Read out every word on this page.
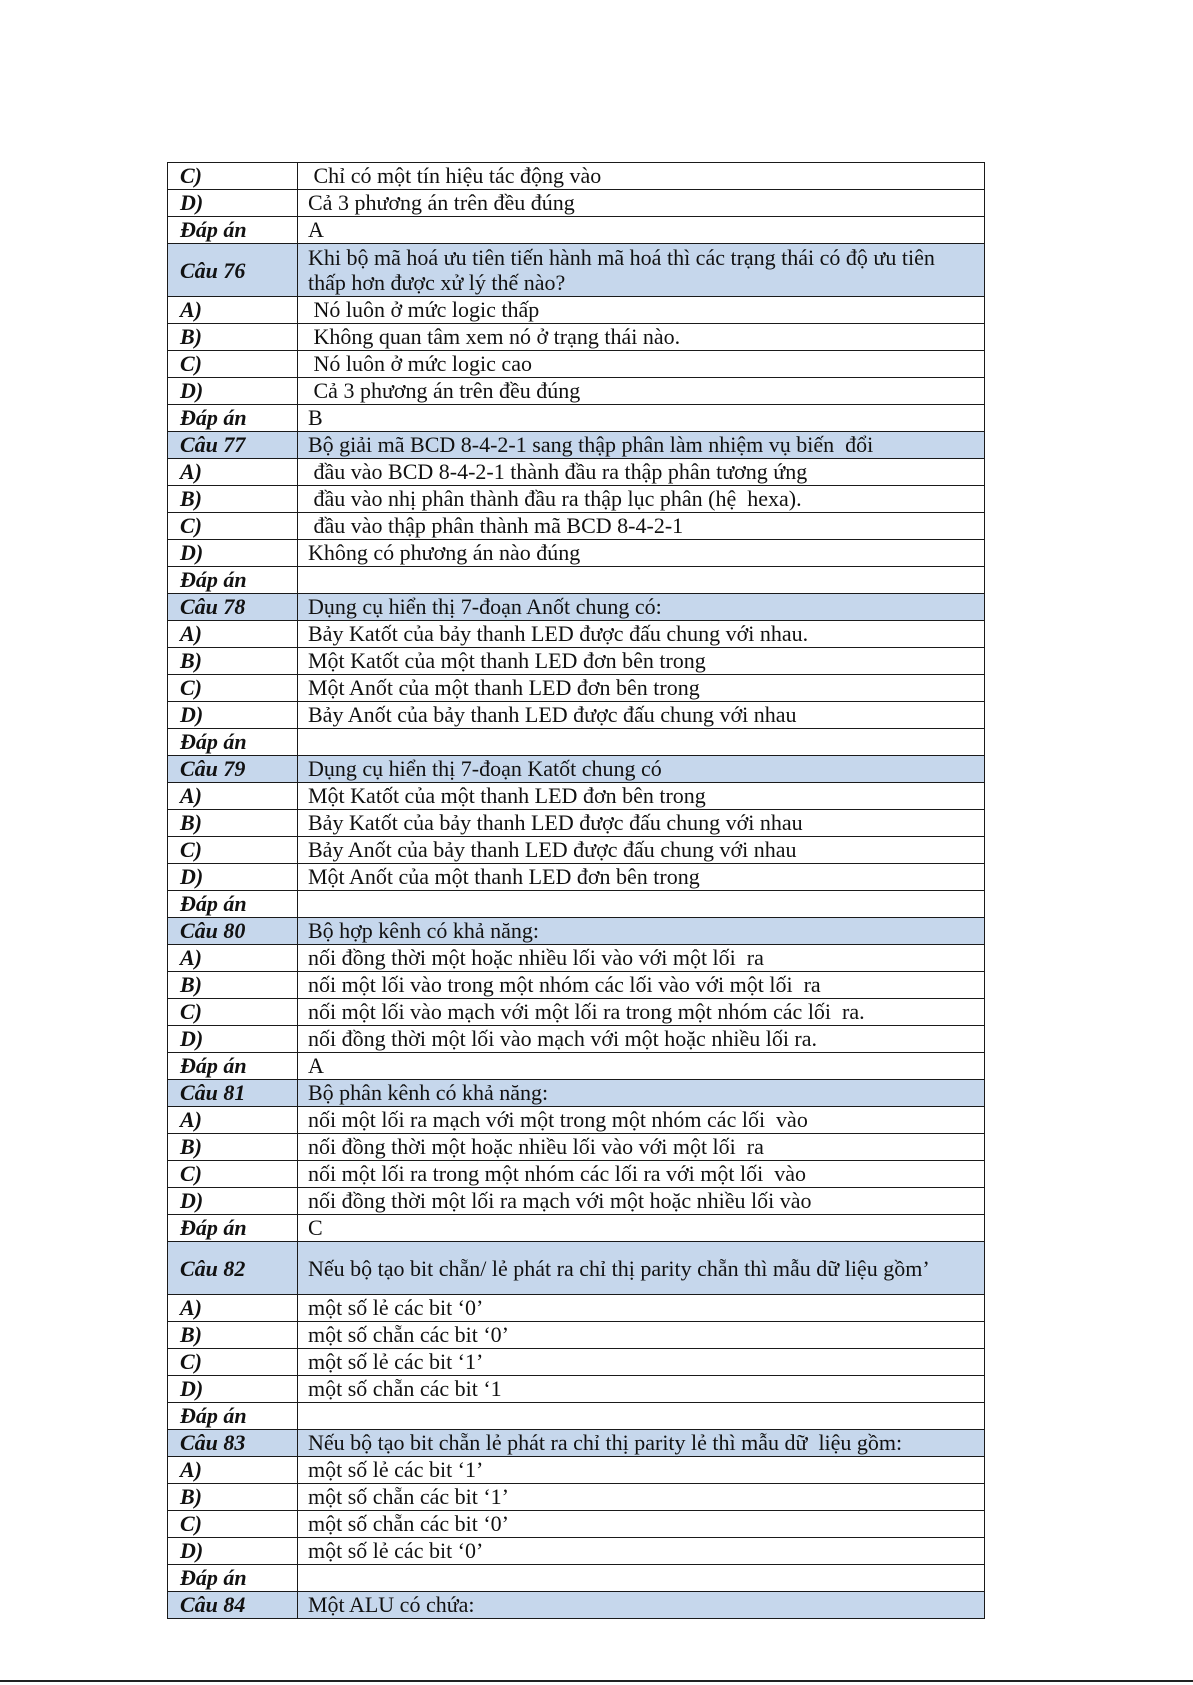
C)	Chỉ có một tín hiệu tác động vào
D)	Cả 3 phương án trên đều đúng
Đáp án	A
Câu 76	Khi bộ mã hoá ưu tiên tiến hành mã hoá thì các trạng thái có độ ưu tiên thấp hơn được xử lý thế nào?
A)	Nó luôn ở mức logic thấp
B)	Không quan tâm xem nó ở trạng thái nào.
C)	Nó luôn ở mức logic cao
D)	Cả 3 phương án trên đều đúng
Đáp án	B
Câu 77	Bộ giải mã BCD 8-4-2-1 sang thập phân làm nhiệm vụ biến  đổi
A)	đầu vào BCD 8-4-2-1 thành đầu ra thập phân tương ứng
B)	đầu vào nhị phân thành đầu ra thập lục phân (hệ  hexa).
C)	đầu vào thập phân thành mã BCD 8-4-2-1
D)	Không có phương án nào đúng
Đáp án	
Câu 78	Dụng cụ hiển thị 7-đoạn Anốt chung có:
A)	Bảy Katốt của bảy thanh LED được đấu chung với nhau.
B)	Một Katốt của một thanh LED đơn bên trong
C)	Một Anốt của một thanh LED đơn bên trong
D)	Bảy Anốt của bảy thanh LED được đấu chung với nhau
Đáp án	
Câu 79	Dụng cụ hiển thị 7-đoạn Katốt chung có
A)	Một Katốt của một thanh LED đơn bên trong
B)	Bảy Katốt của bảy thanh LED được đấu chung với nhau
C)	Bảy Anốt của bảy thanh LED được đấu chung với nhau
D)	Một Anốt của một thanh LED đơn bên trong
Đáp án	
Câu 80	Bộ hợp kênh có khả năng:
A)	nối đồng thời một hoặc nhiều lối vào với một lối  ra
B)	nối một lối vào trong một nhóm các lối vào với một lối  ra
C)	nối một lối vào mạch với một lối ra trong một nhóm các lối  ra.
D)	nối đồng thời một lối vào mạch với một hoặc nhiều lối ra.
Đáp án	A
Câu 81	Bộ phân kênh có khả năng:
A)	nối một lối ra mạch với một trong một nhóm các lối  vào
B)	nối đồng thời một hoặc nhiều lối vào với một lối  ra
C)	nối một lối ra trong một nhóm các lối ra với một lối  vào
D)	nối đồng thời một lối ra mạch với một hoặc nhiều lối vào
Đáp án	C
Câu 82	Nếu bộ tạo bit chẵn/ lẻ phát ra chỉ thị parity chẵn thì mẫu dữ liệu gồm’
A)	một số lẻ các bit ‘0’
B)	một số chẵn các bit ‘0’
C)	một số lẻ các bit ‘1’
D)	một số chẵn các bit ‘1
Đáp án	
Câu 83	Nếu bộ tạo bit chẵn lẻ phát ra chỉ thị parity lẻ thì mẫu dữ  liệu gồm:
A)	một số lẻ các bit ‘1’
B)	một số chẵn các bit ‘1’
C)	một số chẵn các bit ‘0’
D)	một số lẻ các bit ‘0’
Đáp án	
Câu 84	Một ALU có chứa:
